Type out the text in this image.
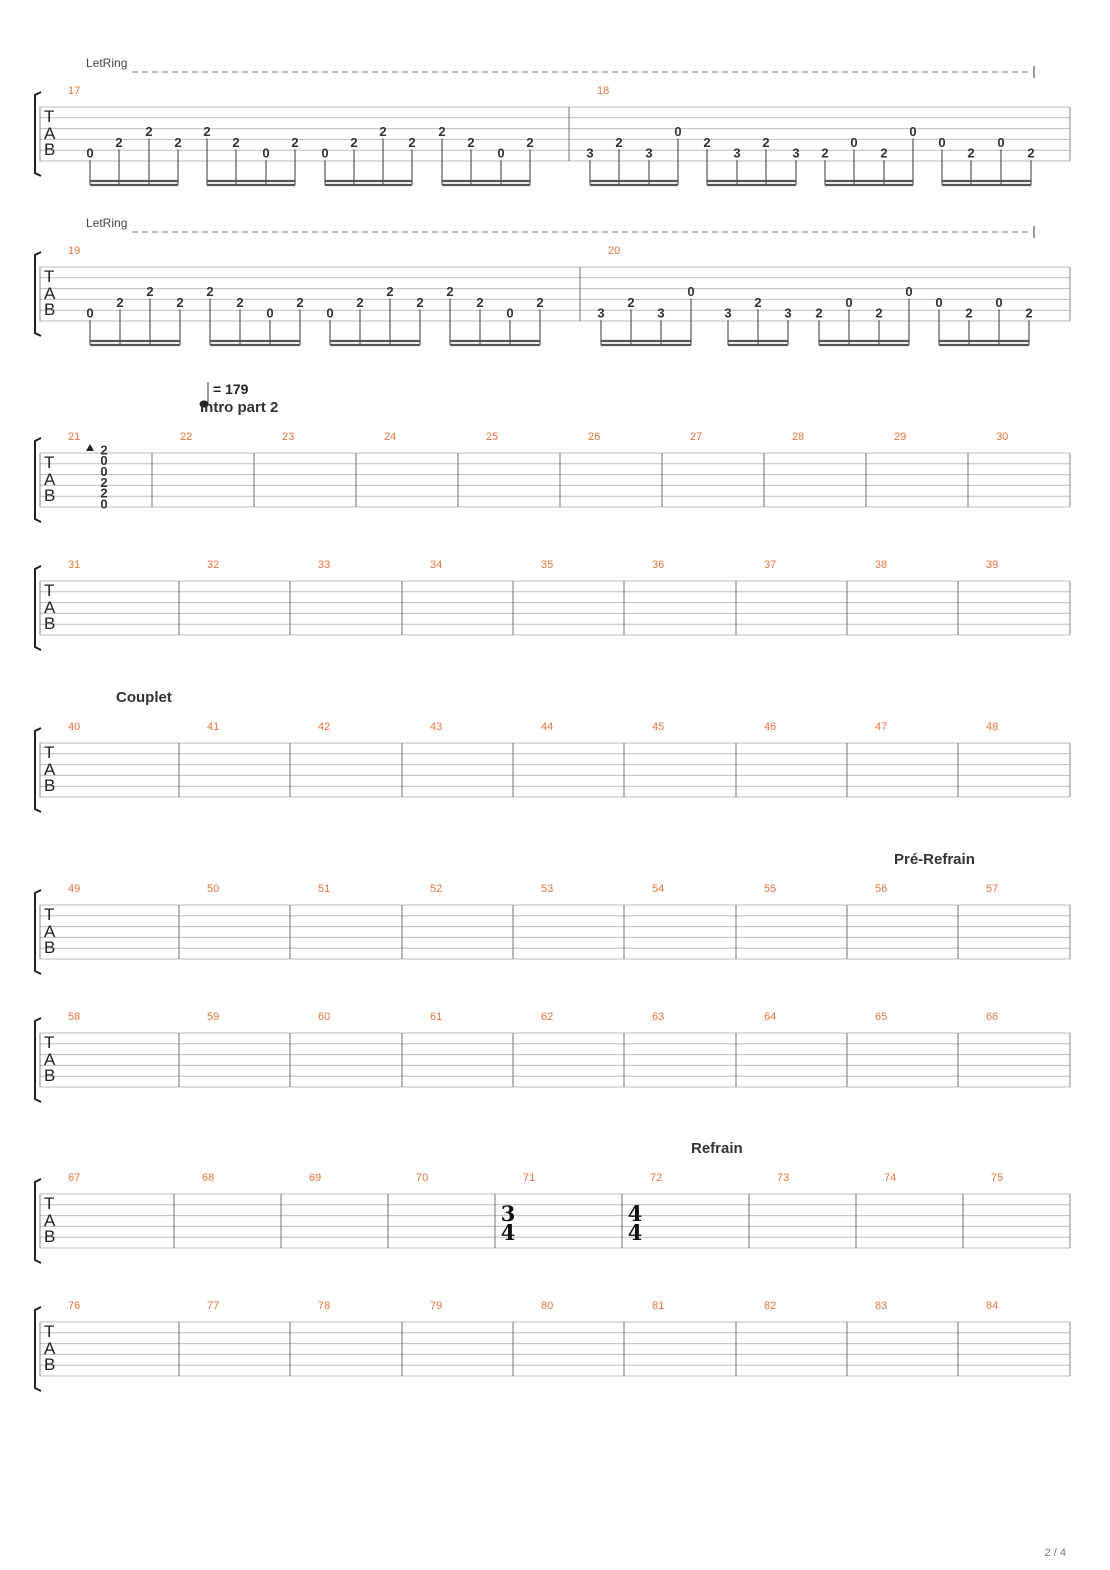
T
A
B
17	18
LetRing
0
2
2
2
2
2
0
2
0
2
2
2
2
2
0
2
3
2
3
0
2
3
2
3 2
0
2
0
0
2
0
2
T
A
B
19	20
LetRing
0
2
2
2
2
2
0
2
0
2
2
2
2
2
0
2
3
2
3
0
3
2
3 2
0
2
0
0
2
0
2
T
A
B
21	22	23	24	25	26	27	28	29	30
T
A
B
31	32	33	34	35	36	37	38	39
T
A
B
40	41	42	43	44	45	46	47	48
T
A
B
49	50	51	52	53	54	55	56	57
T
A
B
58	59	60	61	62	63	64	65	66
T
A
B
67	68	69	70	71	72	73	74	75
T
A
B
76	77	78	79	80	81	82	83	84
2
0
0
2
2
0
= 179
Intro part 2
Couplet
Pré-Refrain
Refrain
3
4
4
4
2 / 4
